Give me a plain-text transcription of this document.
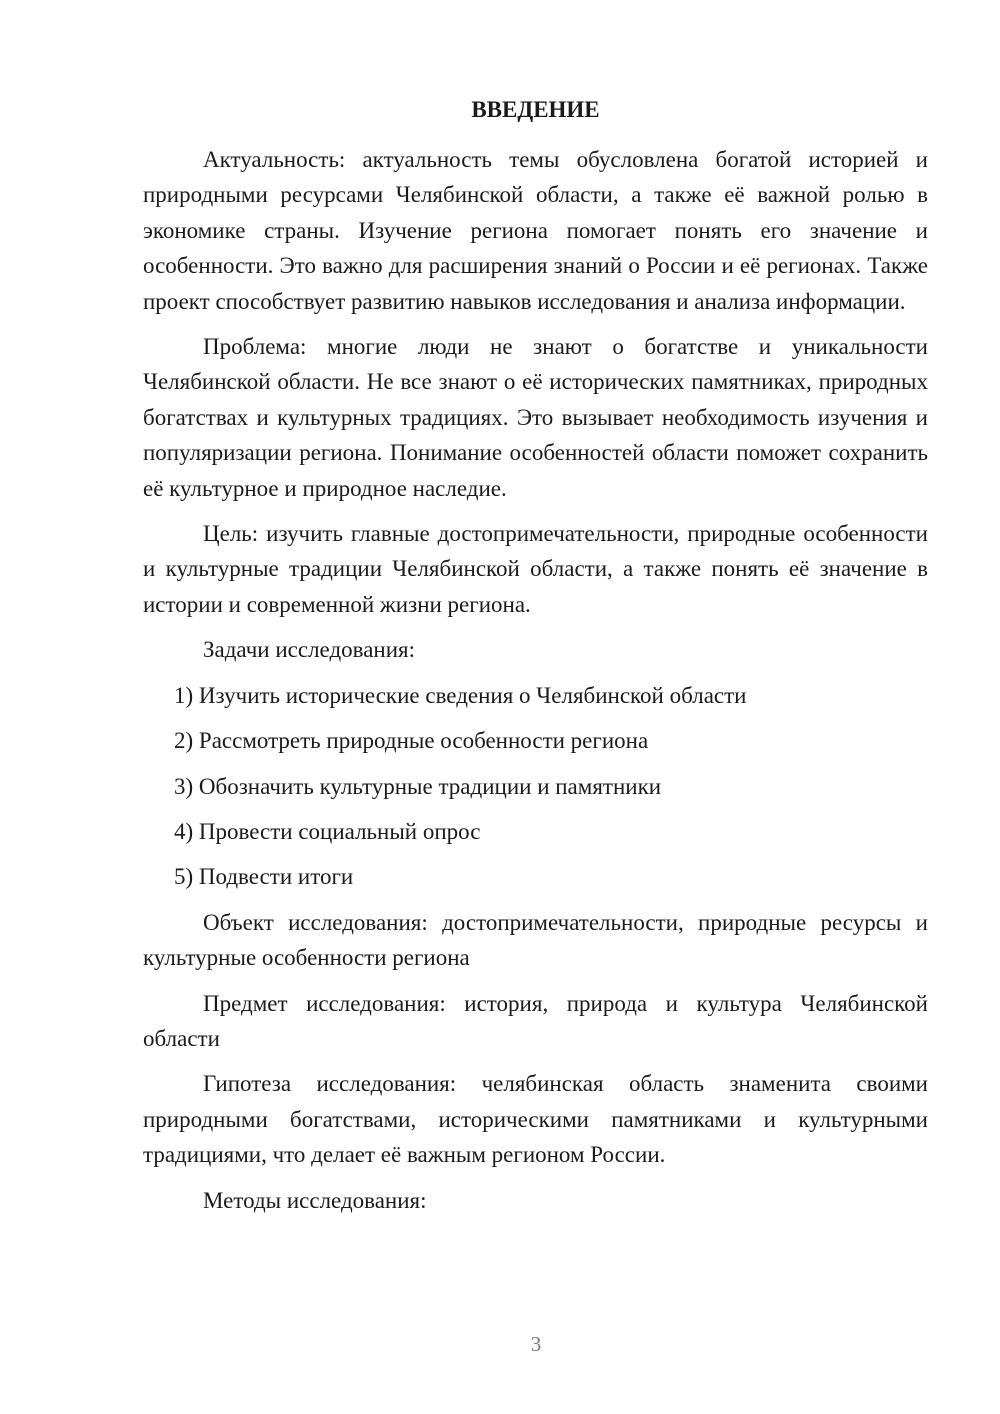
ВВЕДЕНИЕ

Актуальность: актуальность темы обусловлена богатой историей и природными ресурсами Челябинской области, а также её важной ролью в экономике страны. Изучение региона помогает понять его значение и особенности. Это важно для расширения знаний о России и её регионах. Также проект способствует развитию навыков исследования и анализа информации.

Проблема: многие люди не знают о богатстве и уникальности Челябинской области. Не все знают о её исторических памятниках, природных богатствах и культурных традициях. Это вызывает необходимость изучения и популяризации региона. Понимание особенностей области поможет сохранить её культурное и природное наследие.

Цель: изучить главные достопримечательности, природные особенности и культурные традиции Челябинской области, а также понять её значение в истории и современной жизни региона.

Задачи исследования:

1) Изучить исторические сведения о Челябинской области
2) Рассмотреть природные особенности региона
3) Обозначить культурные традиции и памятники
4) Провести социальный опрос
5) Подвести итоги

Объект исследования: достопримечательности, природные ресурсы и культурные особенности региона

Предмет исследования: история, природа и культура Челябинской области

Гипотеза исследования: челябинская область знаменита своими природными богатствами, историческими памятниками и культурными традициями, что делает её важным регионом России.

Методы исследования:

3
